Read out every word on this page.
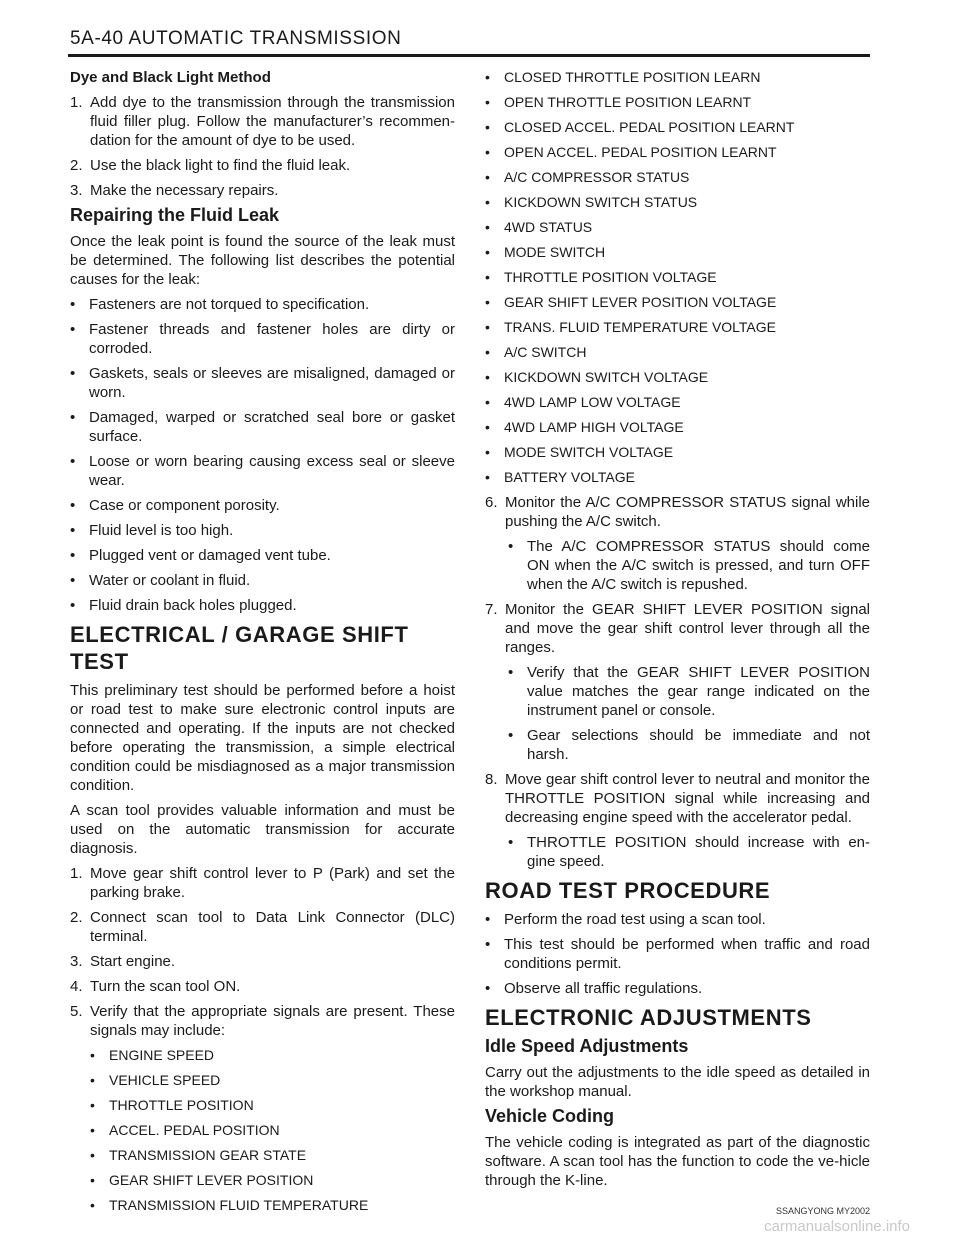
5A-40 AUTOMATIC TRANSMISSION
Dye and Black Light Method
1. Add dye to the transmission through the transmission fluid filler plug. Follow the manufacturer’s recommen-dation for the amount of dye to be used.
2. Use the black light to find the fluid leak.
3. Make the necessary repairs.
Repairing the Fluid Leak
Once the leak point is found the source of the leak must be determined. The following list describes the potential causes for the leak:
• Fasteners are not torqued to specification.
• Fastener threads and fastener holes are dirty or corroded.
• Gaskets, seals or sleeves are misaligned, damaged or worn.
• Damaged, warped or scratched seal bore or gasket surface.
• Loose or worn bearing causing excess seal or sleeve wear.
• Case or component porosity.
• Fluid level is too high.
• Plugged vent or damaged vent tube.
• Water or coolant in fluid.
• Fluid drain back holes plugged.
ELECTRICAL / GARAGE SHIFT TEST
This preliminary test should be performed before a hoist or road test to make sure electronic control inputs are connected and operating. If the inputs are not checked before operating the transmission, a simple electrical condition could be misdiagnosed as a major transmission condition.
A scan tool provides valuable information and must be used on the automatic transmission for accurate diagnosis.
1. Move gear shift control lever to P (Park) and set the parking brake.
2. Connect scan tool to Data Link Connector (DLC) terminal.
3. Start engine.
4. Turn the scan tool ON.
5. Verify that the appropriate signals are present. These signals may include:
•	ENGINE SPEED
•	VEHICLE SPEED
•	THROTTLE POSITION
•	ACCEL. PEDAL POSITION
•	TRANSMISSION GEAR STATE
•	GEAR SHIFT LEVER POSITION
•	TRANSMISSION FLUID TEMPERATURE
•	CLOSED THROTTLE POSITION LEARN
•	OPEN THROTTLE POSITION LEARNT
•	CLOSED ACCEL. PEDAL POSITION LEARNT
•	OPEN ACCEL. PEDAL POSITION LEARNT
•	A/C COMPRESSOR STATUS
•	KICKDOWN SWITCH STATUS
•	4WD STATUS
•	MODE SWITCH
•	THROTTLE POSITION VOLTAGE
•	GEAR SHIFT LEVER POSITION VOLTAGE
•	TRANS. FLUID TEMPERATURE VOLTAGE
•	A/C SWITCH
•	KICKDOWN SWITCH VOLTAGE
•	4WD LAMP LOW VOLTAGE
•	4WD LAMP HIGH VOLTAGE
•	MODE SWITCH VOLTAGE
•	BATTERY VOLTAGE
6. Monitor the A/C COMPRESSOR STATUS signal while pushing the A/C switch.
• The A/C COMPRESSOR STATUS should come ON when the A/C switch is pressed, and turn OFF when the A/C switch is repushed.
7. Monitor the GEAR SHIFT LEVER POSITION signal and move the gear shift control lever through all the ranges.
• Verify that the GEAR SHIFT LEVER POSITION value matches the gear range indicated on the instrument panel or console.
• Gear selections should be immediate and not harsh.
8. Move gear shift control lever to neutral and monitor the THROTTLE POSITION signal while increasing and decreasing engine speed with the accelerator pedal.
• THROTTLE POSITION should increase with en-gine speed.
ROAD TEST PROCEDURE
• Perform the road test using a scan tool.
• This test should be performed when traffic and road conditions permit.
• Observe all traffic regulations.
ELECTRONIC ADJUSTMENTS
Idle Speed Adjustments
Carry out the adjustments to the idle speed as detailed in the workshop manual.
Vehicle Coding
The vehicle coding is integrated as part of the diagnostic software. A scan tool has the function to code the ve-hicle through the K-line.
SSANGYONG MY2002
carmanualsonline.info
